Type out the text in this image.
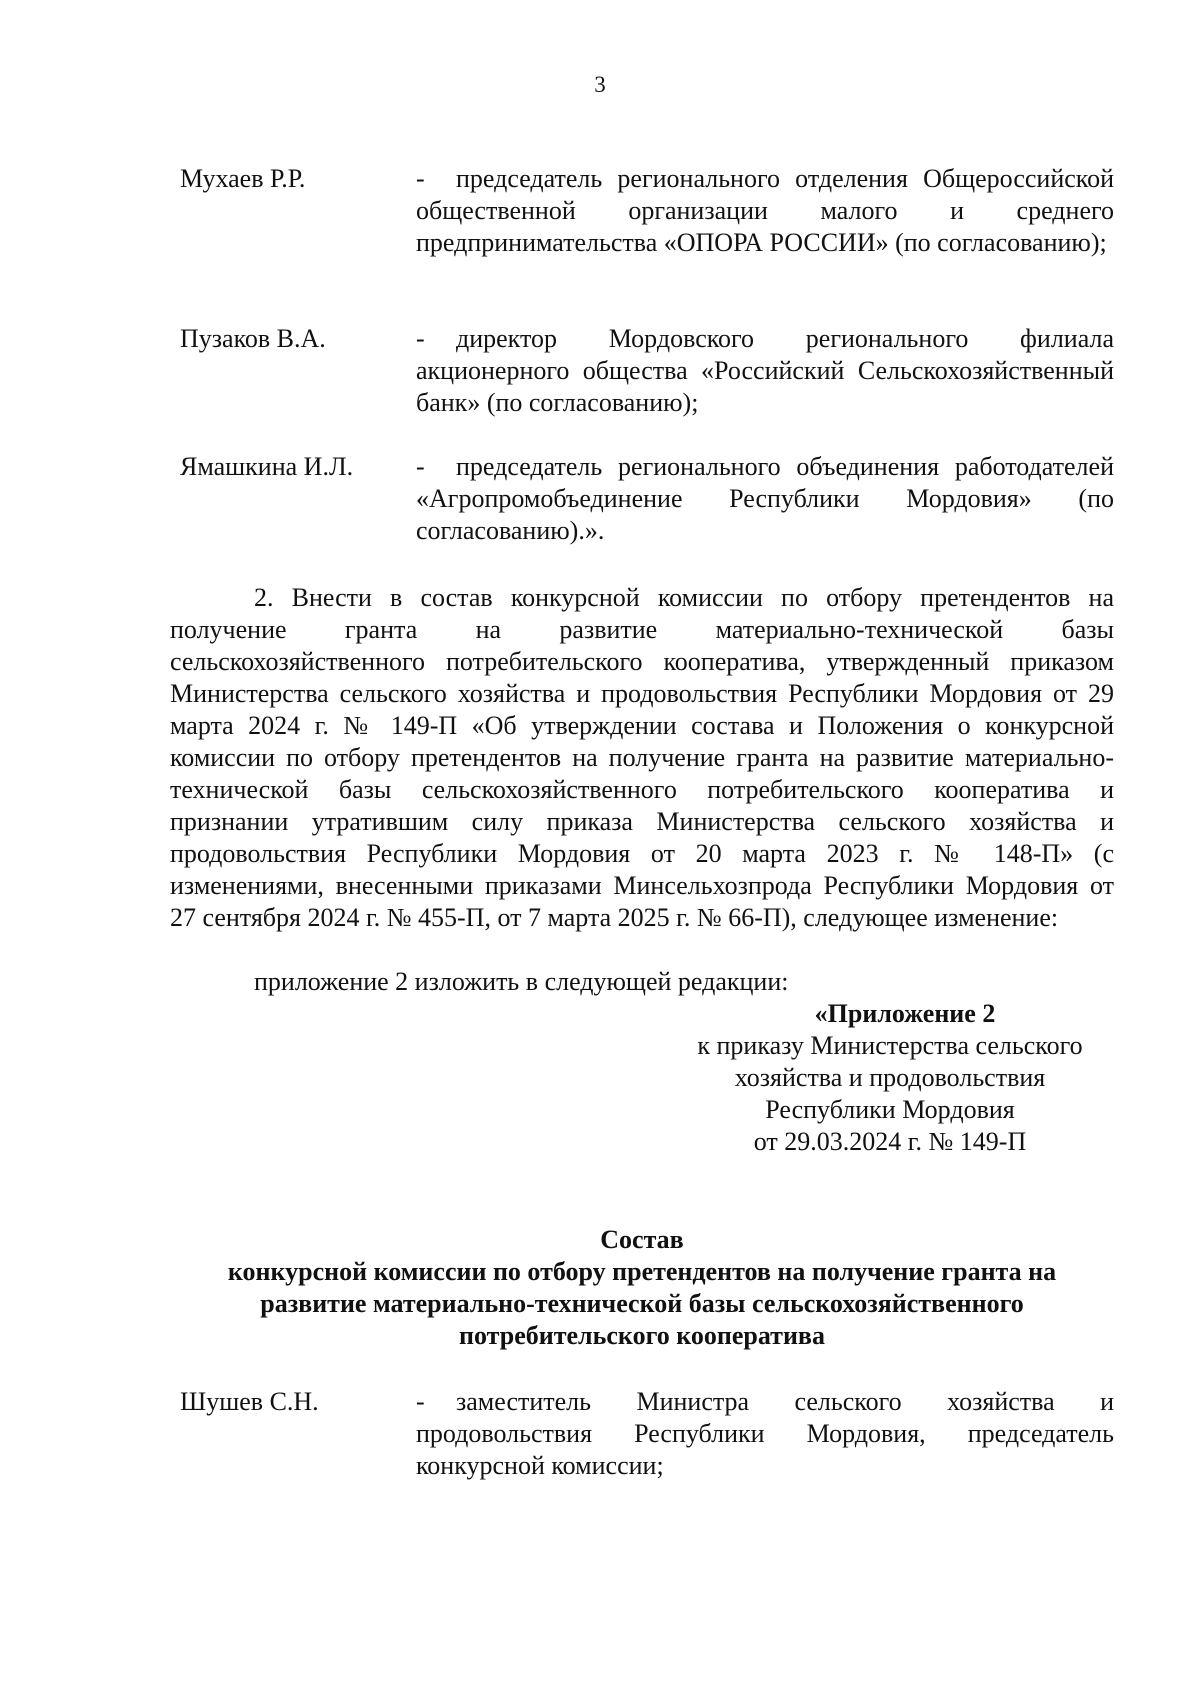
3
Мухаев Р.Р.	- председатель регионального отделения Общероссийской общественной организации малого и среднего предпринимательства «ОПОРА РОССИИ» (по согласованию);
Пузаков В.А.	- директор Мордовского регионального филиала акционерного общества «Российский Сельскохозяйственный банк» (по согласованию);
Ямашкина И.Л. - председатель регионального объединения работодателей «Агропромобъединение Республики Мордовия» (по согласованию).».
2. Внести в состав конкурсной комиссии по отбору претендентов на получение гранта на развитие материально-технической базы сельскохозяйственного потребительского кооператива, утвержденный приказом Министерства сельского хозяйства и продовольствия Республики Мордовия от 29 марта 2024 г. № 149-П «Об утверждении состава и Положения о конкурсной комиссии по отбору претендентов на получение гранта на развитие материально-технической базы сельскохозяйственного потребительского кооператива и признании утратившим силу приказа Министерства сельского хозяйства и продовольствия Республики Мордовия от 20 марта 2023 г. № 148-П» (с изменениями, внесенными приказами Минсельхозпрода Республики Мордовия от 27 сентября 2024 г. № 455-П, от 7 марта 2025 г. № 66-П), следующее изменение:
приложение 2 изложить в следующей редакции:
«Приложение 2
к приказу Министерства сельского
хозяйства и продовольствия
Республики Мордовия
от 29.03.2024 г. № 149-П
Состав
конкурсной комиссии по отбору претендентов на получение гранта на
развитие материально-технической базы сельскохозяйственного
потребительского кооператива
Шушев С.Н.	- заместитель Министра сельского хозяйства и продовольствия Республики Мордовия, председатель конкурсной комиссии;
